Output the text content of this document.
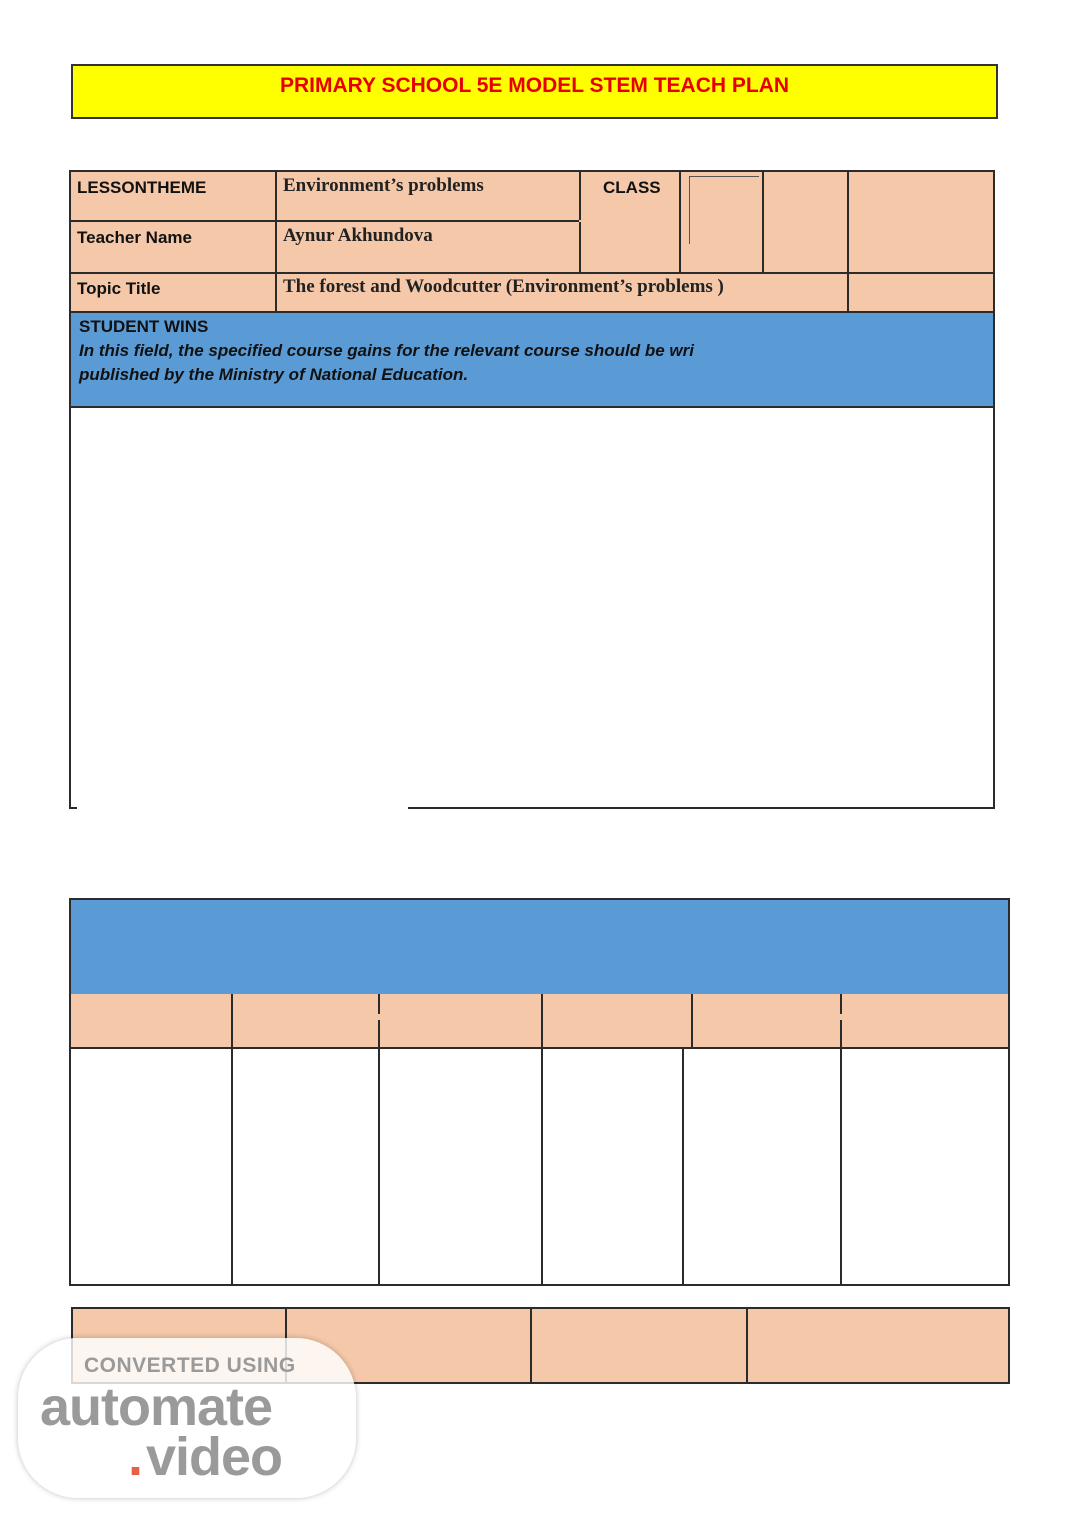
PRIMARY SCHOOL 5E MODEL STEM TEACH PLAN
LESSONTHEME	Environment’s problems	CLASS
Teacher Name	Aynur Akhundova
Topic Title	The forest and Woodcutter (Environment’s problems )
STUDENT WINS
In this field, the specified course gains for the relevant course should be wri
published by the Ministry of National Education.
CONVERTED USING
automate
. video
